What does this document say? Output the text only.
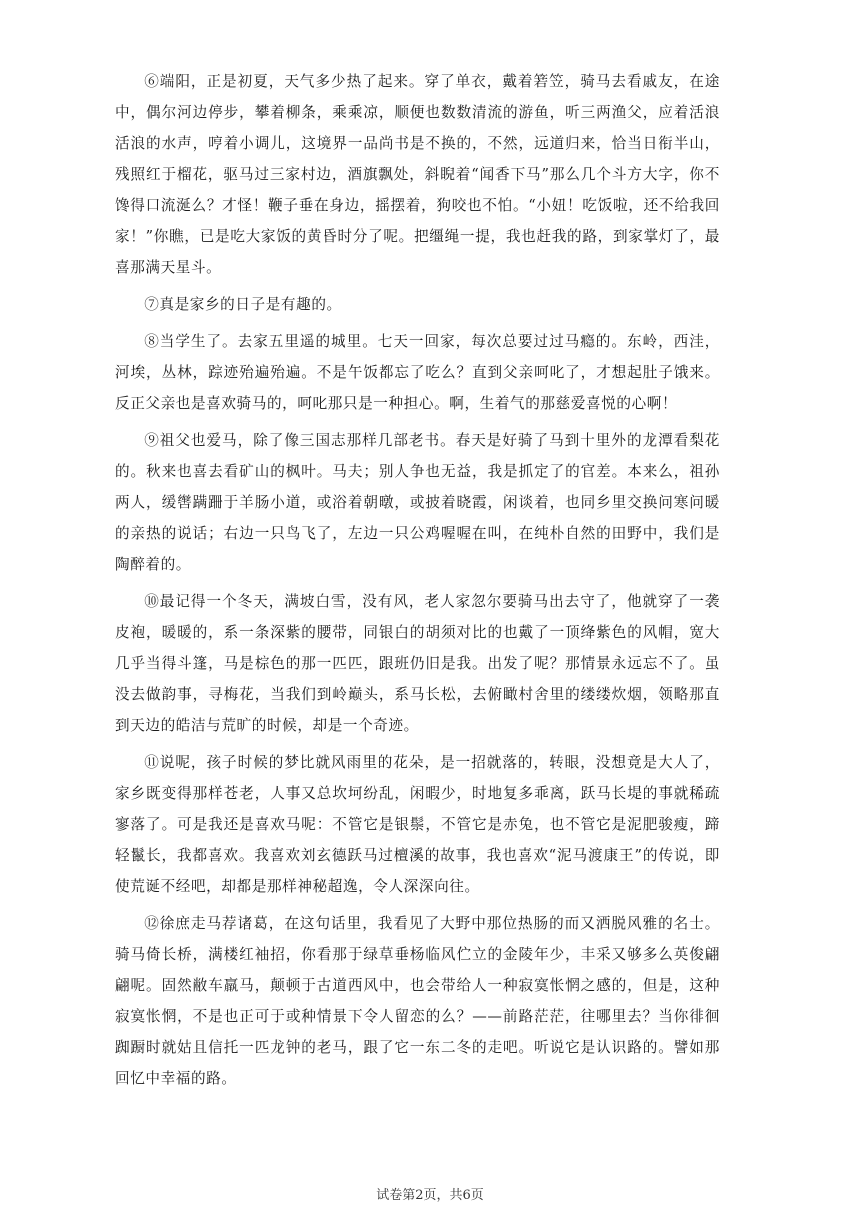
⑥端阳，正是初夏，天气多少热了起来。穿了单衣，戴着箬笠，骑马去看戚友，在途中，偶尔河边停步，攀着柳条，乘乘凉，顺便也数数清流的游鱼，听三两渔父，应着活浪活浪的水声，哼着小调儿，这境界一品尚书是不换的，不然，远道归来，恰当日衔半山，残照红于榴花，驱马过三家村边，酒旗飘处，斜睨着“闻香下马”那么几个斗方大字，你不馋得口流涎么？才怪！鞭子垂在身边，摇摆着，狗咬也不怕。“小妞！吃饭啦，还不给我回家！”你瞧，已是吃大家饭的黄昏时分了呢。把缰绳一提，我也赶我的路，到家掌灯了，最喜那满天星斗。

⑦真是家乡的日子是有趣的。

⑧当学生了。去家五里遥的城里。七天一回家，每次总要过过马瘾的。东岭，西洼，河埃，丛林，踪迹殆遍殆遍。不是午饭都忘了吃么？直到父亲呵叱了，才想起肚子饿来。反正父亲也是喜欢骑马的，呵叱那只是一种担心。啊，生着气的那慈爱喜悦的心啊！

⑨祖父也爱马，除了像三国志那样几部老书。春天是好骑了马到十里外的龙潭看梨花的。秋来也喜去看矿山的枫叶。马夫；别人争也无益，我是抓定了的官差。本来么，祖孙两人，缓辔蹒跚于羊肠小道，或浴着朝暾，或披着晓霞，闲谈着，也同乡里交换问寒问暖的亲热的说话；右边一只鸟飞了，左边一只公鸡喔喔在叫，在纯朴自然的田野中，我们是陶醉着的。

⑩最记得一个冬天，满坡白雪，没有风，老人家忽尔要骑马出去守了，他就穿了一袭皮袍，暖暖的，系一条深紫的腰带，同银白的胡须对比的也戴了一顶绛紫色的风帽，宽大几乎当得斗篷，马是棕色的那一匹匹，跟班仍旧是我。出发了呢？那情景永远忘不了。虽没去做韵事，寻梅花，当我们到岭巅头，系马长松，去俯瞰村舍里的缕缕炊烟，领略那直到天边的皓洁与荒旷的时候，却是一个奇迹。

⑪说呢，孩子时候的梦比就风雨里的花朵，是一招就落的，转眼，没想竟是大人了，家乡既变得那样苍老，人事又总坎坷纷乱，闲暇少，时地复多乖离，跃马长堤的事就稀疏寥落了。可是我还是喜欢马呢：不管它是银鬃，不管它是赤兔，也不管它是泥肥骏瘦，蹄轻鬣长，我都喜欢。我喜欢刘玄德跃马过檀溪的故事，我也喜欢“泥马渡康王”的传说，即使荒诞不经吧，却都是那样神秘超逸，令人深深向往。

⑫徐庶走马荐诸葛，在这句话里，我看见了大野中那位热肠的而又洒脱风雅的名士。骑马倚长桥，满楼红袖招，你看那于绿草垂杨临风伫立的金陵年少，丰采又够多么英俊翩翩呢。固然敝车羸马，颠顿于古道西风中，也会带给人一种寂寞怅惘之感的，但是，这种寂寞怅惘，不是也正可于或种情景下令人留恋的么？——前路茫茫，往哪里去？当你徘徊踟蹰时就姑且信托一匹龙钟的老马，跟了它一东二冬的走吧。听说它是认识路的。譬如那回忆中幸福的路。

试卷第2页，共6页
